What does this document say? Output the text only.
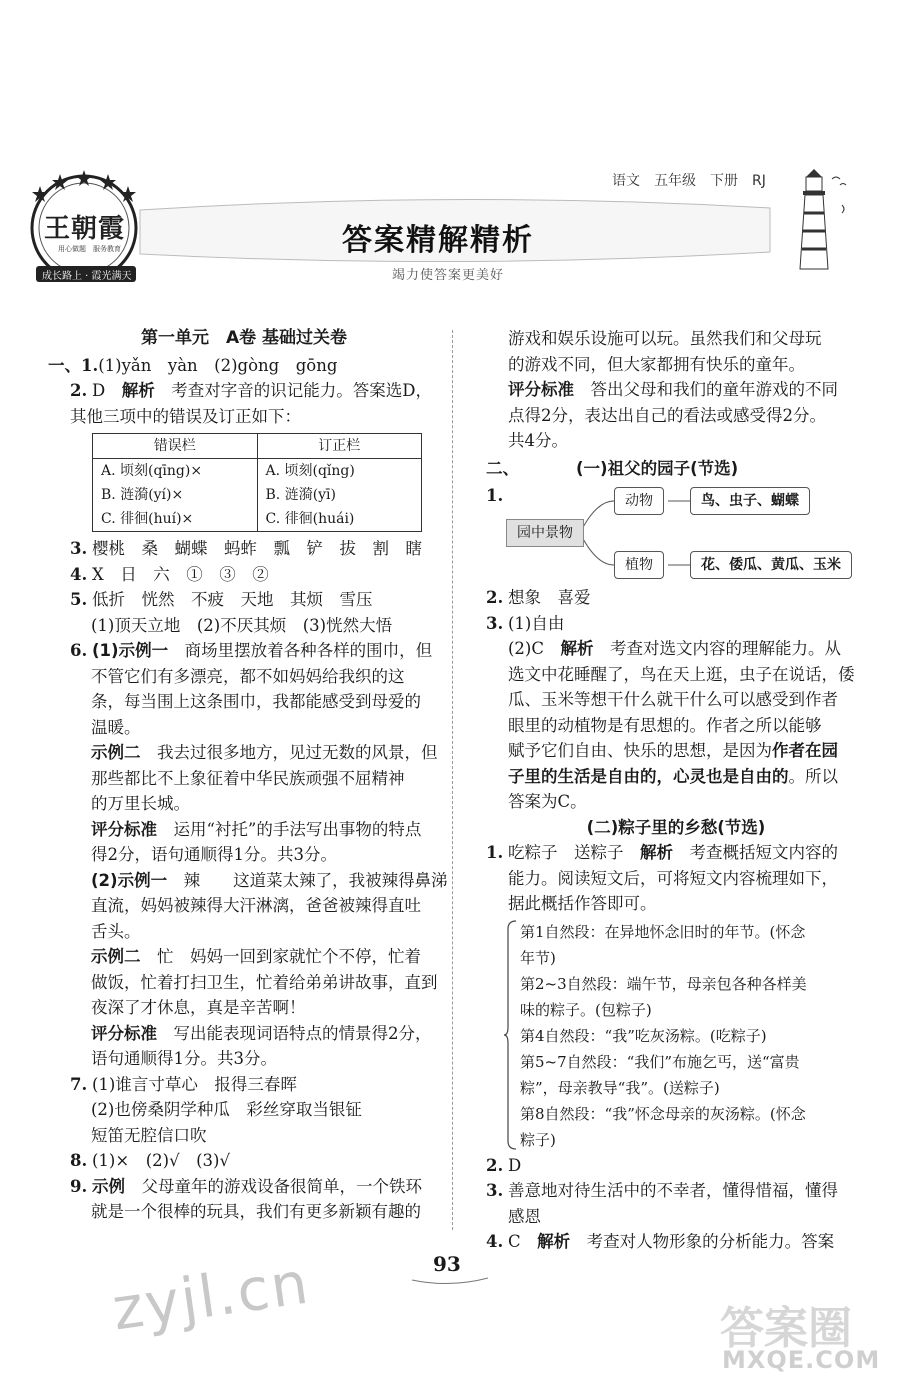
王朝霞
用心做题　服务教育
成长路上 · 霞光满天
语文　五年级　下册　RJ
答案精解精析
竭力使答案更美好

第一单元　A卷 基础过关卷

一、1.(1)yǎn　yàn　(2)gòng　gōng

2. D　解析　考查对字音的识记能力。答案选D，

其他三项中的错误及订正如下：

错误栏	订正栏
A. 顷刻(qīng)×	A. 顷刻(qǐng)
B. 涟漪(yí)×	B. 涟漪(yī)
C. 徘徊(huí)×	C. 徘徊(huái)

3. 樱桃　桑　蝴蝶　蚂蚱　瓢　铲　拔　割　瞎

4. X　日　六　①　③　②

5. 低折　恍然　不疲　天地　其烦　雪压

(1)顶天立地　(2)不厌其烦　(3)恍然大悟

6. (1)示例一　商场里摆放着各种各样的围巾，但

不管它们有多漂亮，都不如妈妈给我织的这

条，每当围上这条围巾，我都能感受到母爱的

温暖。

示例二　我去过很多地方，见过无数的风景，但

那些都比不上象征着中华民族顽强不屈精神

的万里长城。

评分标准　运用“衬托”的手法写出事物的特点

得2分，语句通顺得1分。共3分。

(2)示例一　辣　　这道菜太辣了，我被辣得鼻涕

直流，妈妈被辣得大汗淋漓，爸爸被辣得直吐

舌头。

示例二　忙　妈妈一回到家就忙个不停，忙着

做饭，忙着打扫卫生，忙着给弟弟讲故事，直到

夜深了才休息，真是辛苦啊！

评分标准　写出能表现词语特点的情景得2分，

语句通顺得1分。共3分。

7. (1)谁言寸草心　报得三春晖

(2)也傍桑阴学种瓜　彩丝穿取当银钲

短笛无腔信口吹

8. (1)×　(2)√　(3)√

9. 示例　父母童年的游戏设备很简单，一个铁环

就是一个很棒的玩具，我们有更多新颖有趣的

游戏和娱乐设施可以玩。虽然我们和父母玩

的游戏不同，但大家都拥有快乐的童年。

评分标准　答出父母和我们的童年游戏的不同

点得2分，表达出自己的看法或感受得2分。

共4分。

二、	(一)祖父的园子(节选)

1.
园中景物
动物	鸟、虫子、蝴蝶
植物	花、倭瓜、黄瓜、玉米

2. 想象　喜爱

3. (1)自由

(2)C　解析　考查对选文内容的理解能力。从

选文中花睡醒了，鸟在天上逛，虫子在说话，倭

瓜、玉米等想干什么就干什么可以感受到作者

眼里的动植物是有思想的。作者之所以能够

赋予它们自由、快乐的思想，是因为作者在园

子里的生活是自由的，心灵也是自由的。所以

答案为C。

(二)粽子里的乡愁(节选)

1. 吃粽子　送粽子　解析　考查概括短文内容的

能力。阅读短文后，可将短文内容梳理如下，

据此概括作答即可。

第1自然段：在异地怀念旧时的年节。(怀念

年节)

第2~3自然段：端午节，母亲包各种各样美

味的粽子。(包粽子)

第4自然段：“我”吃灰汤粽。(吃粽子)

第5~7自然段：“我们”布施乞丐，送“富贵

粽”，母亲教导“我”。(送粽子)

第8自然段：“我”怀念母亲的灰汤粽。(怀念

粽子)

2. D

3. 善意地对待生活中的不幸者，懂得惜福，懂得

感恩

4. C　解析　考查对人物形象的分析能力。答案

93
zyjl.cn	答案圈
MXQE.COM
